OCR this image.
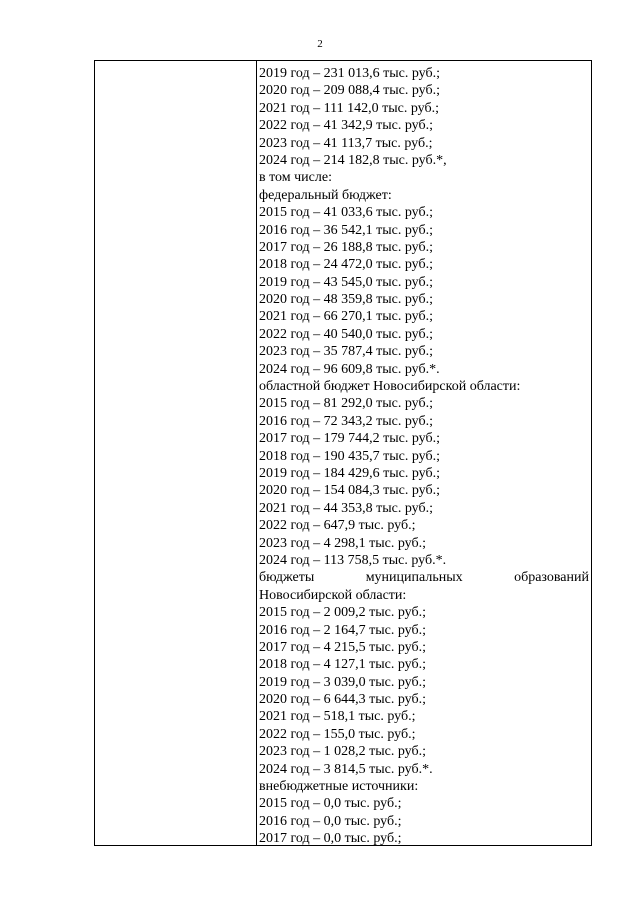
2
2019 год – 231 013,6 тыс. руб.;
2020 год – 209 088,4 тыс. руб.;
2021 год – 111 142,0 тыс. руб.;
2022 год – 41 342,9 тыс. руб.;
2023 год – 41 113,7 тыс. руб.;
2024 год – 214 182,8 тыс. руб.*,
в том числе:
федеральный бюджет:
2015 год – 41 033,6 тыс. руб.;
2016 год – 36 542,1 тыс. руб.;
2017 год – 26 188,8 тыс. руб.;
2018 год – 24 472,0 тыс. руб.;
2019 год – 43 545,0 тыс. руб.;
2020 год – 48 359,8 тыс. руб.;
2021 год – 66 270,1 тыс. руб.;
2022 год – 40 540,0 тыс. руб.;
2023 год – 35 787,4 тыс. руб.;
2024 год – 96 609,8 тыс. руб.*.
областной бюджет Новосибирской области:
2015 год – 81 292,0 тыс. руб.;
2016 год – 72 343,2 тыс. руб.;
2017 год – 179 744,2 тыс. руб.;
2018 год – 190 435,7 тыс. руб.;
2019 год – 184 429,6 тыс. руб.;
2020 год – 154 084,3 тыс. руб.;
2021 год – 44 353,8 тыс. руб.;
2022 год – 647,9 тыс. руб.;
2023 год – 4 298,1 тыс. руб.;
2024 год – 113 758,5 тыс. руб.*.
бюджеты	муниципальных	образований
Новосибирской области:
2015 год – 2 009,2 тыс. руб.;
2016 год – 2 164,7 тыс. руб.;
2017 год – 4 215,5 тыс. руб.;
2018 год – 4 127,1 тыс. руб.;
2019 год – 3 039,0 тыс. руб.;
2020 год – 6 644,3 тыс. руб.;
2021 год – 518,1 тыс. руб.;
2022 год – 155,0 тыс. руб.;
2023 год – 1 028,2 тыс. руб.;
2024 год – 3 814,5 тыс. руб.*.
внебюджетные источники:
2015 год – 0,0 тыс. руб.;
2016 год – 0,0 тыс. руб.;
2017 год – 0,0 тыс. руб.;
